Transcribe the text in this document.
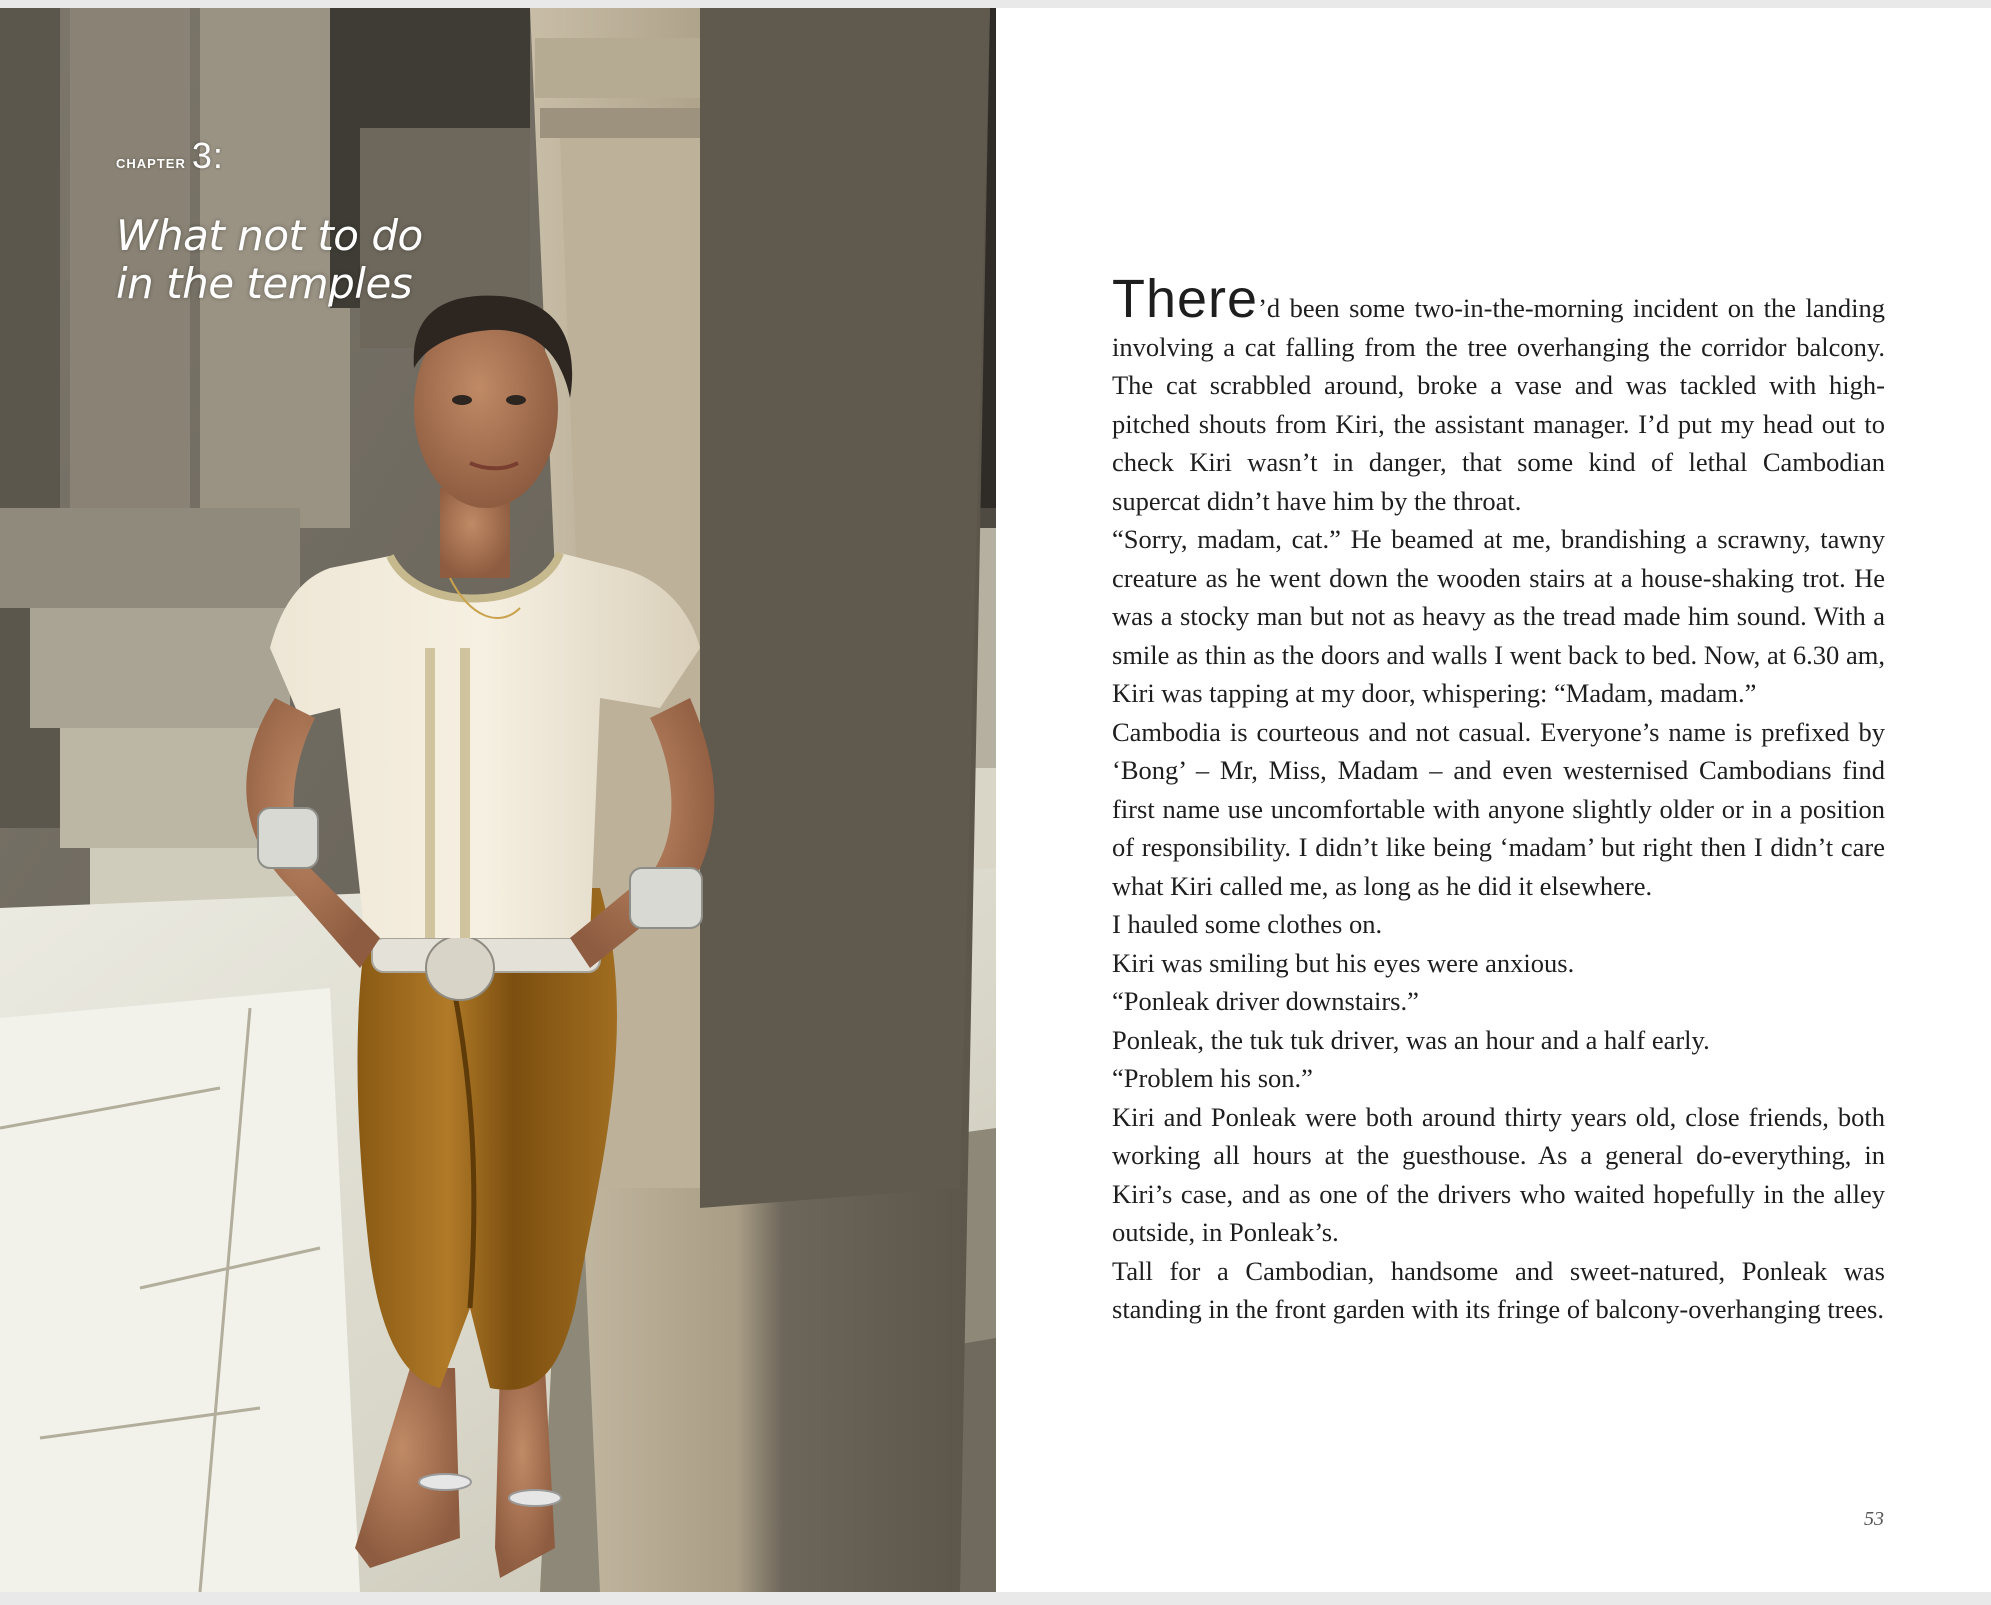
chapter 3:
What not to do
in the temples	There’d been some two-in-the-morning incident on the landing involving a cat falling from the tree overhanging the corridor balcony. The cat scrabbled around, broke a vase and was tackled with high-pitched shouts from Kiri, the assistant manager. I’d put my head out to check Kiri wasn’t in danger, that some kind of lethal Cambodian supercat didn’t have him by the throat.

“Sorry, madam, cat.” He beamed at me, brandishing a scrawny, tawny creature as he went down the wooden stairs at a house-shaking trot. He was a stocky man but not as heavy as the tread made him sound. With a smile as thin as the doors and walls I went back to bed. Now, at 6.30 am, Kiri was tapping at my door, whispering: “Madam, madam.”

Cambodia is courteous and not casual. Everyone’s name is prefixed by ‘Bong’ – Mr, Miss, Madam – and even westernised Cambodians find first name use uncomfortable with anyone slightly older or in a position of responsibility. I didn’t like being ‘madam’ but right then I didn’t care what Kiri called me, as long as he did it elsewhere.

I hauled some clothes on.

Kiri was smiling but his eyes were anxious.

“Ponleak driver downstairs.”

Ponleak, the tuk tuk driver, was an hour and a half early.

“Problem his son.”

Kiri and Ponleak were both around thirty years old, close friends, both working all hours at the guesthouse. As a general do-everything, in Kiri’s case, and as one of the drivers who waited hopefully in the alley outside, in Ponleak’s.

Tall for a Cambodian, handsome and sweet-natured, Ponleak was standing in the front garden with its fringe of balcony-overhanging trees.

53
